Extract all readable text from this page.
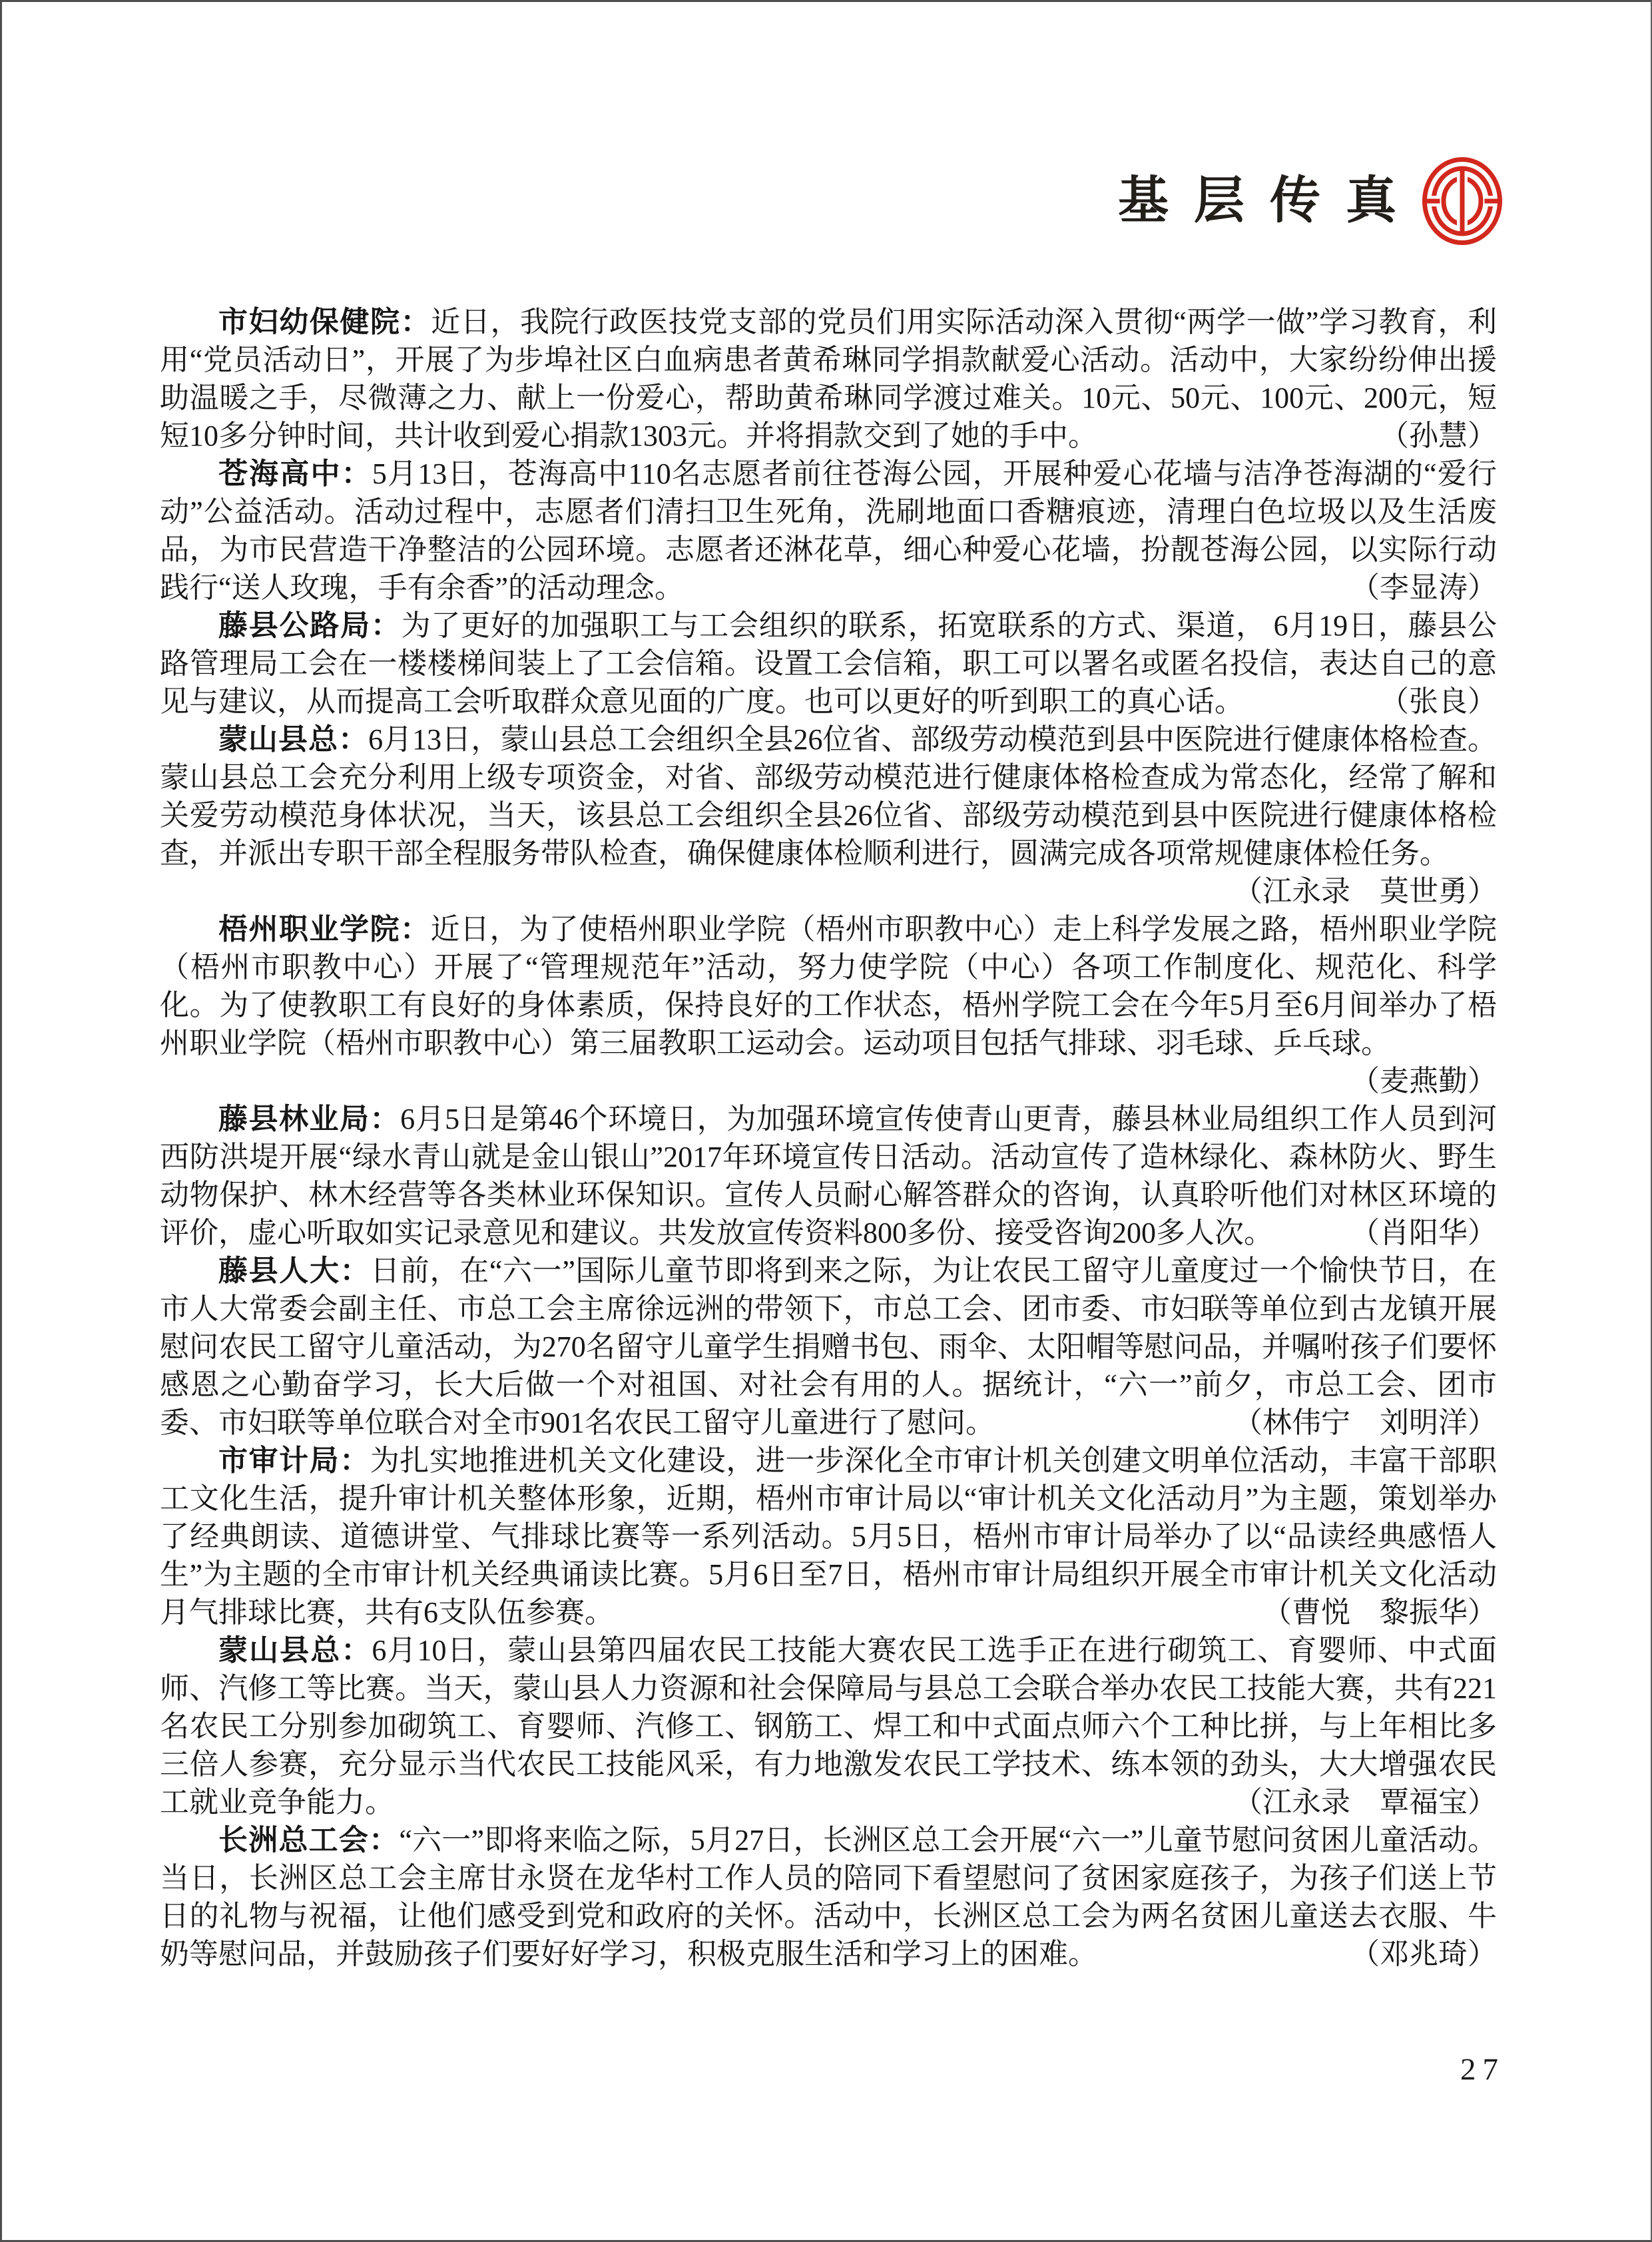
基层传真

市妇幼保健院：近日，我院行政医技党支部的党员们用实际活动深入贯彻“两学一做”学习教育，利用“党员活动日”，开展了为步埠社区白血病患者黄希琳同学捐款献爱心活动。活动中，大家纷纷伸出援助温暖之手，尽微薄之力、献上一份爱心，帮助黄希琳同学渡过难关。10元、50元、100元、200元，短短10多分钟时间，共计收到爱心捐款1303元。并将捐款交到了她的手中。	（孙慧）

苍海高中：5月13日，苍海高中110名志愿者前往苍海公园，开展种爱心花墙与洁净苍海湖的“爱行动”公益活动。活动过程中，志愿者们清扫卫生死角，洗刷地面口香糖痕迹，清理白色垃圾以及生活废品，为市民营造干净整洁的公园环境。志愿者还淋花草，细心种爱心花墙，扮靓苍海公园，以实际行动践行“送人玫瑰，手有余香”的活动理念。	（李显涛）

藤县公路局：为了更好的加强职工与工会组织的联系，拓宽联系的方式、渠道， 6月19日，藤县公路管理局工会在一楼楼梯间装上了工会信箱。设置工会信箱，职工可以署名或匿名投信，表达自己的意见与建议，从而提高工会听取群众意见面的广度。也可以更好的听到职工的真心话。	（张良）

蒙山县总：6月13日，蒙山县总工会组织全县26位省、部级劳动模范到县中医院进行健康体格检查。蒙山县总工会充分利用上级专项资金，对省、部级劳动模范进行健康体格检查成为常态化，经常了解和关爱劳动模范身体状况，当天，该县总工会组织全县26位省、部级劳动模范到县中医院进行健康体格检查，并派出专职干部全程服务带队检查，确保健康体检顺利进行，圆满完成各项常规健康体检任务。
（江永录　莫世勇）

梧州职业学院：近日，为了使梧州职业学院（梧州市职教中心）走上科学发展之路，梧州职业学院（梧州市职教中心）开展了“管理规范年”活动，努力使学院（中心）各项工作制度化、规范化、科学化。为了使教职工有良好的身体素质，保持良好的工作状态，梧州学院工会在今年5月至6月间举办了梧州职业学院（梧州市职教中心）第三届教职工运动会。运动项目包括气排球、羽毛球、乒乓球。
（麦燕勤）

藤县林业局：6月5日是第46个环境日，为加强环境宣传使青山更青，藤县林业局组织工作人员到河西防洪堤开展“绿水青山就是金山银山”2017年环境宣传日活动。活动宣传了造林绿化、森林防火、野生动物保护、林木经营等各类林业环保知识。宣传人员耐心解答群众的咨询，认真聆听他们对林区环境的评价，虚心听取如实记录意见和建议。共发放宣传资料800多份、接受咨询200多人次。	（肖阳华）

藤县人大：日前，在“六一”国际儿童节即将到来之际，为让农民工留守儿童度过一个愉快节日，在市人大常委会副主任、市总工会主席徐远洲的带领下，市总工会、团市委、市妇联等单位到古龙镇开展慰问农民工留守儿童活动，为270名留守儿童学生捐赠书包、雨伞、太阳帽等慰问品，并嘱咐孩子们要怀感恩之心勤奋学习，长大后做一个对祖国、对社会有用的人。据统计，“六一”前夕，市总工会、团市委、市妇联等单位联合对全市901名农民工留守儿童进行了慰问。	（林伟宁　刘明洋）

市审计局：为扎实地推进机关文化建设，进一步深化全市审计机关创建文明单位活动，丰富干部职工文化生活，提升审计机关整体形象，近期，梧州市审计局以“审计机关文化活动月”为主题，策划举办了经典朗读、道德讲堂、气排球比赛等一系列活动。5月5日，梧州市审计局举办了以“品读经典感悟人生”为主题的全市审计机关经典诵读比赛。5月6日至7日，梧州市审计局组织开展全市审计机关文化活动月气排球比赛，共有6支队伍参赛。	（曹悦　黎振华）

蒙山县总：6月10日，蒙山县第四届农民工技能大赛农民工选手正在进行砌筑工、育婴师、中式面师、汽修工等比赛。当天，蒙山县人力资源和社会保障局与县总工会联合举办农民工技能大赛，共有221名农民工分别参加砌筑工、育婴师、汽修工、钢筋工、焊工和中式面点师六个工种比拼，与上年相比多三倍人参赛，充分显示当代农民工技能风采，有力地激发农民工学技术、练本领的劲头，大大增强农民工就业竞争能力。	（江永录　覃福宝）

长洲总工会：“六一”即将来临之际，5月27日，长洲区总工会开展“六一”儿童节慰问贫困儿童活动。当日，长洲区总工会主席甘永贤在龙华村工作人员的陪同下看望慰问了贫困家庭孩子，为孩子们送上节日的礼物与祝福，让他们感受到党和政府的关怀。活动中，长洲区总工会为两名贫困儿童送去衣服、牛奶等慰问品，并鼓励孩子们要好好学习，积极克服生活和学习上的困难。	（邓兆琦）

27
